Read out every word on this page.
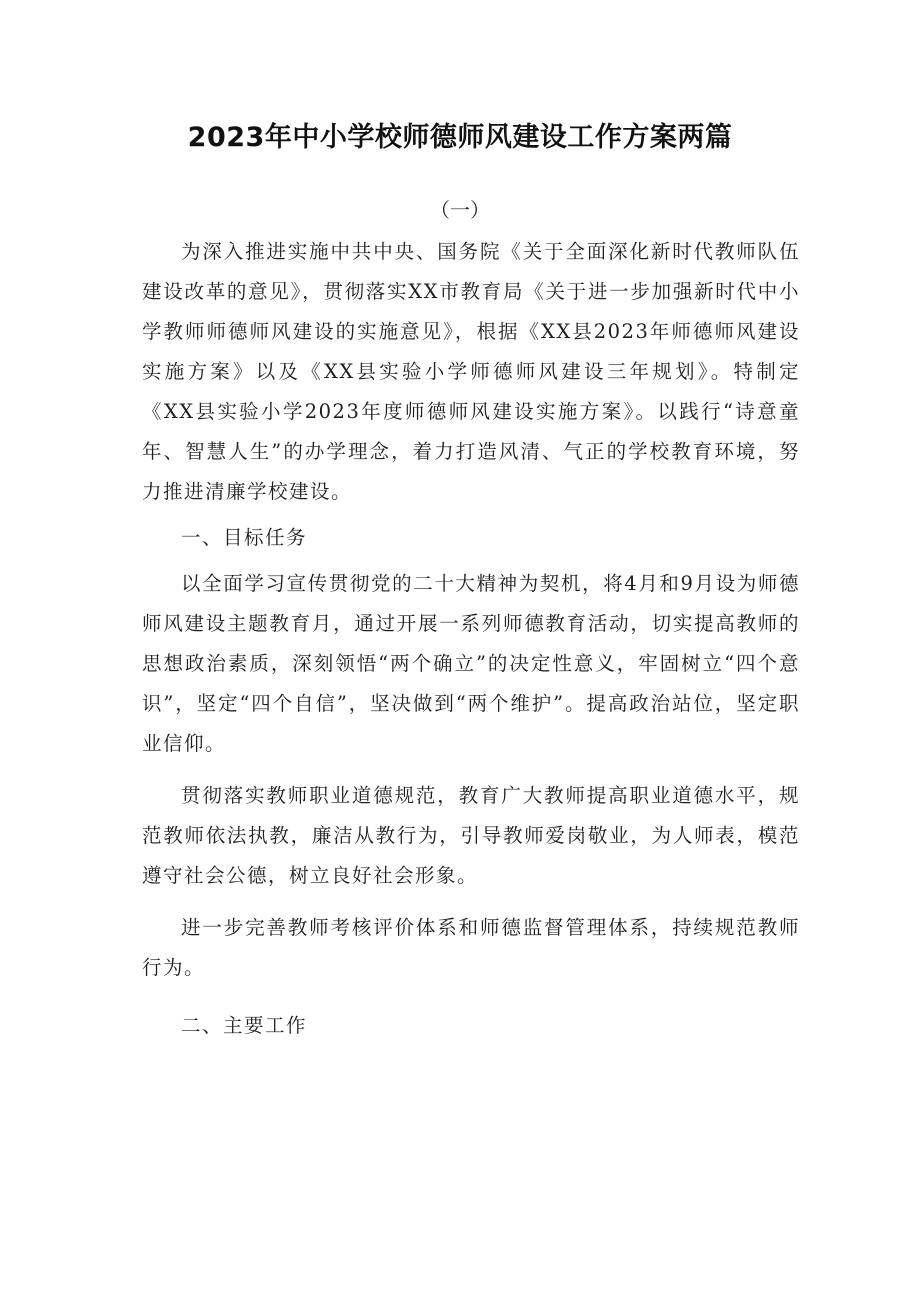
2023年中小学校师德师风建设工作方案两篇
（一）

为深入推进实施中共中央、国务院《关于全面深化新时代教师队伍建设改革的意见》，贯彻落实XX市教育局《关于进一步加强新时代中小学教师师德师风建设的实施意见》，根据《XX县2023年师德师风建设实施方案》以及《XX县实验小学师德师风建设三年规划》。特制定《XX县实验小学2023年度师德师风建设实施方案》。以践行“诗意童年、智慧人生”的办学理念，着力打造风清、气正的学校教育环境，努力推进清廉学校建设。

一、目标任务

以全面学习宣传贯彻党的二十大精神为契机，将4月和9月设为师德师风建设主题教育月，通过开展一系列师德教育活动，切实提高教师的思想政治素质，深刻领悟“两个确立”的决定性意义，牢固树立“四个意识”，坚定“四个自信”，坚决做到“两个维护”。提高政治站位，坚定职业信仰。

贯彻落实教师职业道德规范，教育广大教师提高职业道德水平，规范教师依法执教，廉洁从教行为，引导教师爱岗敬业，为人师表，模范遵守社会公德，树立良好社会形象。

进一步完善教师考核评价体系和师德监督管理体系，持续规范教师行为。

二、主要工作
